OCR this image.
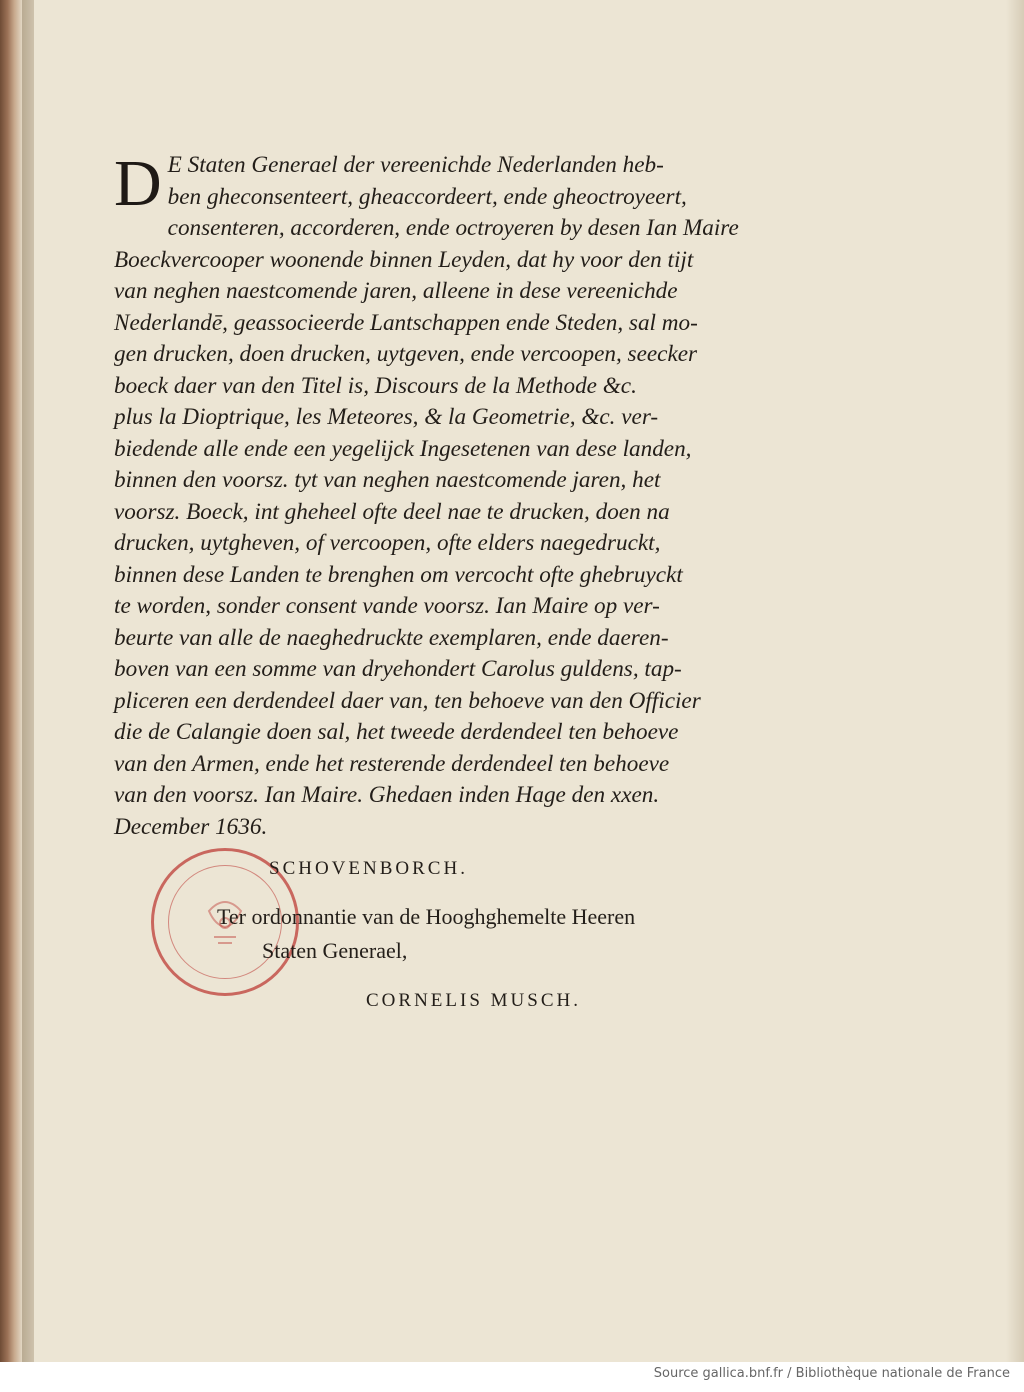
D E Staten Generael der vereenichde Nederlanden heb-
ben gheconsenteert, gheaccordeert, ende gheoctroyeert,
consenteren, accorderen, ende octroyeren by desen Ian Maire
Boeckvercooper woonende binnen Leyden, dat hy voor den tijt
van neghen naestcomende jaren, alleene in dese vereenichde
Nederlandē, geassocieerde Lantschappen ende Steden, sal mo-
gen drucken, doen drucken, uytgeven, ende vercoopen, seecker
boeck daer van den Titel is, Discours de la Methode &c.
plus la Dioptrique, les Meteores, & la Geometrie, &c. ver-
biedende alle ende een yegelijck Ingesetenen van dese landen,
binnen den voorsz. tyt van neghen naestcomende jaren, het
voorsz. Boeck, int gheheel ofte deel nae te drucken, doen na
drucken, uytgheven, of vercoopen, ofte elders naegedruckt,
binnen dese Landen te brenghen om vercocht ofte ghebruyckt
te worden, sonder consent vande voorsz. Ian Maire op ver-
beurte van alle de naeghedruckte exemplaren, ende daeren-
boven van een somme van dryehondert Carolus guldens, tap-
pliceren een derdendeel daer van, ten behoeve van den Officier
die de Calangie doen sal, het tweede derdendeel ten behoeve
van den Armen, ende het resterende derdendeel ten behoeve
van den voorsz. Ian Maire. Ghedaen inden Hage den xxen.
December 1636.
SCHOVENBORCH.
Ter ordonnantie van de Hooghghemelte Heeren
Staten Generael,
CORNELIS MUSCH.
Source gallica.bnf.fr / Bibliothèque nationale de France
